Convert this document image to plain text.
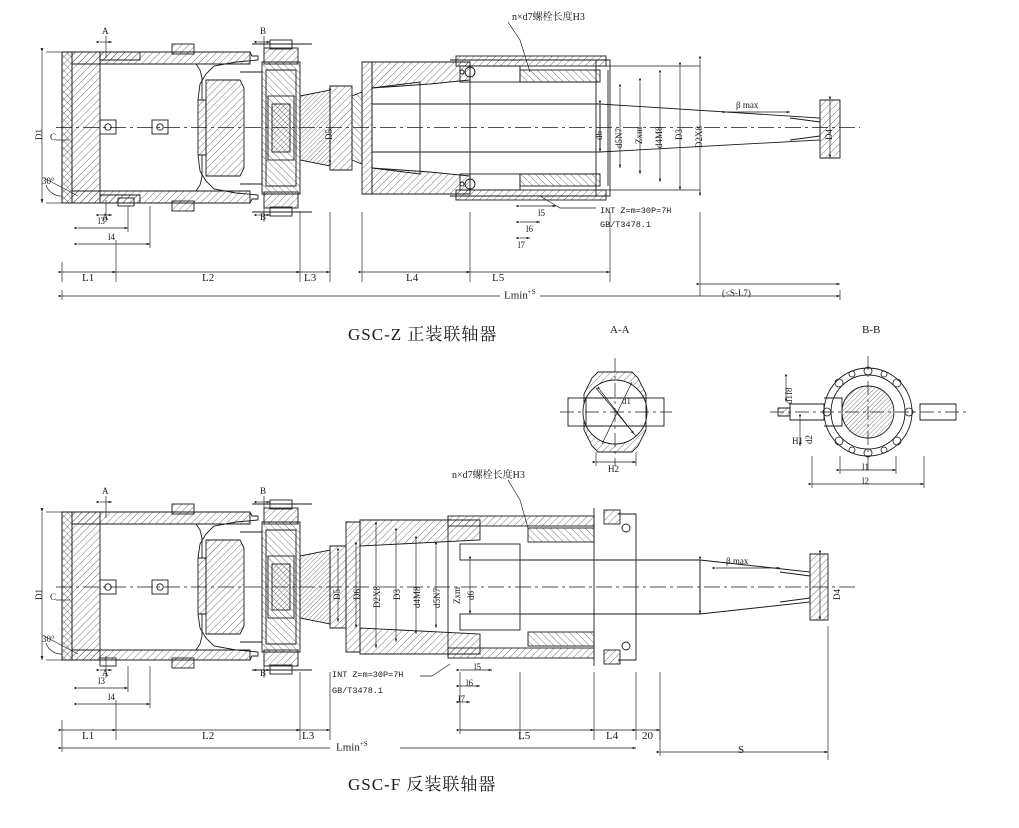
GSC-Z 正装联轴器
GSC-F 反装联轴器
n×d7螺栓长度H3
INT Z=m=30P=7H
GB/T3478.1
(≤S-L7)
n×d7螺栓长度H3
INT Z=m=30P=7H
GB/T3478.1
A-A	B-B
A	B
A	B
C
30°
D1	D5	d6 d5N7 Zxm d4M8 D3 D2X8	D4
β max
l5
l6
l7
l3
l4
L1	L2	L3	L4	L5
Lmin$^{+S}$
d1
H2
d1f8
d2
H1
l1
l2
A	B
A	B
C
30°
D1	D5 D6 D2X8 D3 d4M8 d5N7	d6
Zxm	D4
β max
l5
l6
l7
l3
l4
L1	L2	L3	L5	L4 20
S
Lmin$^{+S}$
